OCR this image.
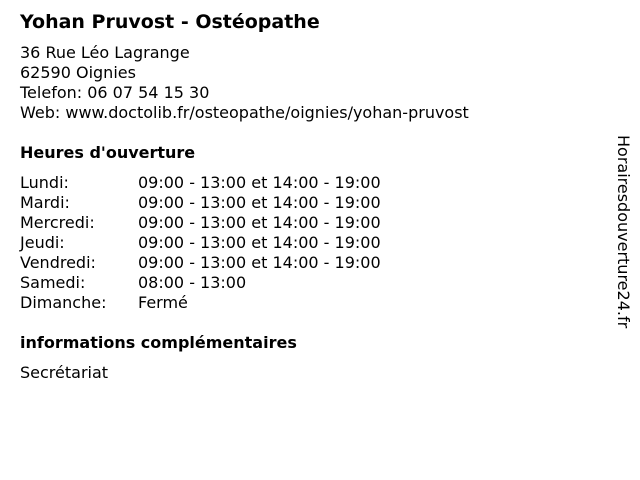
Yohan Pruvost - Ostéopathe
36 Rue Léo Lagrange
62590 Oignies
Telefon: 06 07 54 15 30
Web: www.doctolib.fr/osteopathe/oignies/yohan-pruvost
Heures d'ouverture
Lundi:	09:00 - 13:00 et 14:00 - 19:00
Mardi:	09:00 - 13:00 et 14:00 - 19:00
Mercredi:	09:00 - 13:00 et 14:00 - 19:00
Jeudi:	09:00 - 13:00 et 14:00 - 19:00
Vendredi:	09:00 - 13:00 et 14:00 - 19:00
Samedi:	08:00 - 13:00
Dimanche:	Fermé
informations complémentaires
Secrétariat
Horairesdouverture24.fr
